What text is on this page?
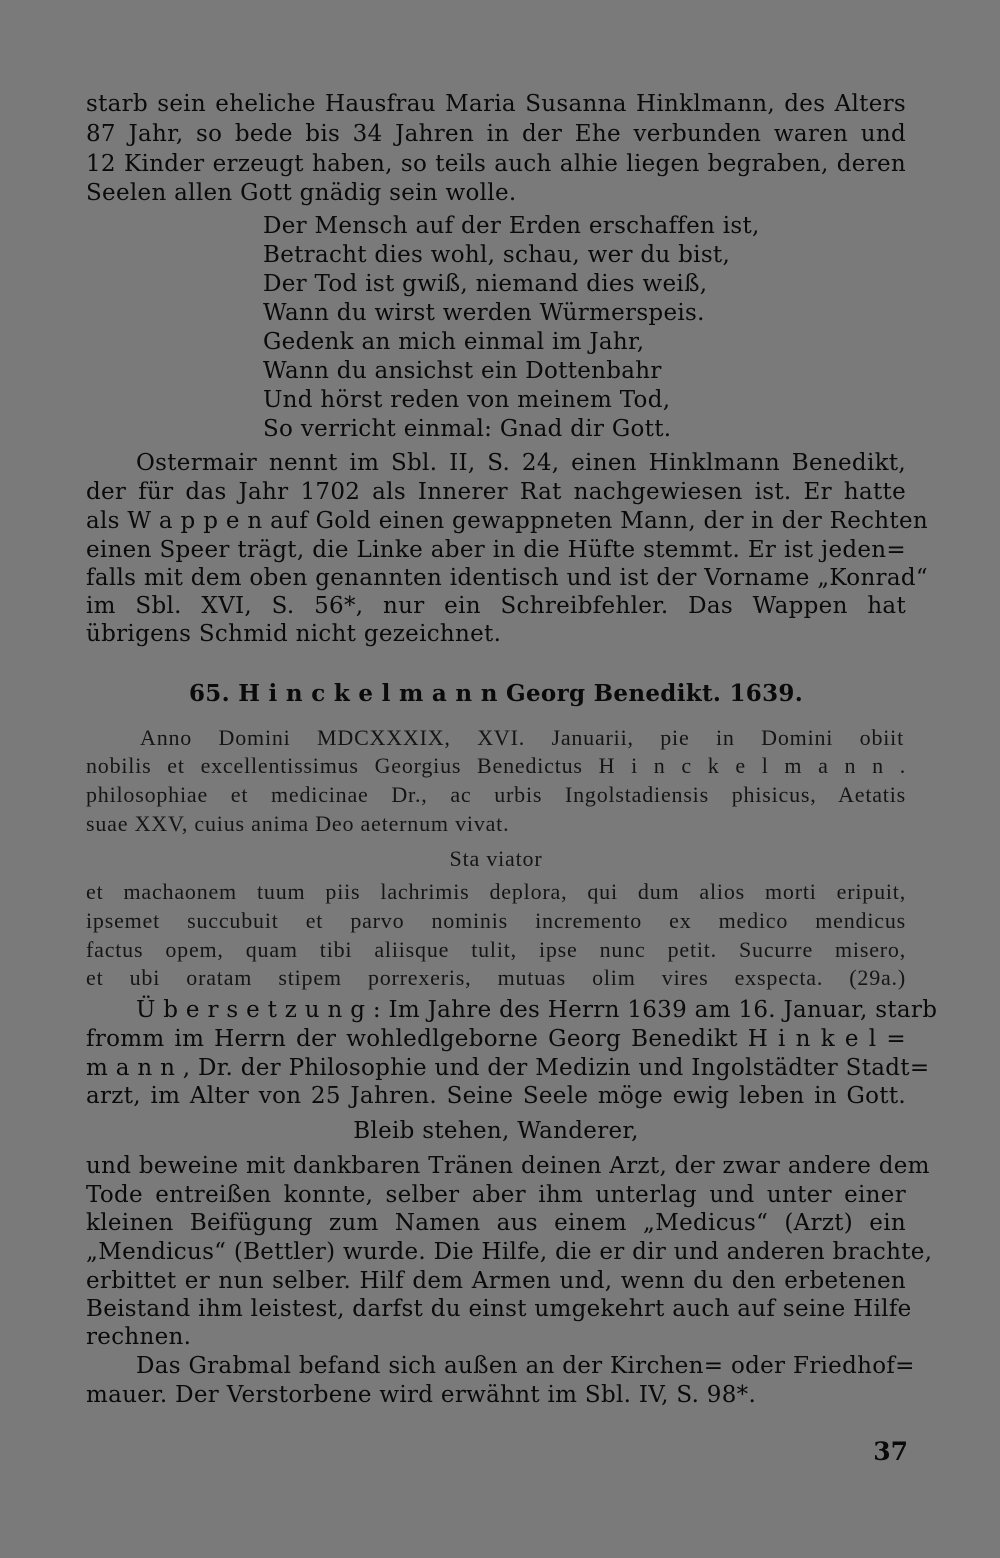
starb sein eheliche Hausfrau Maria Susanna Hinklmann, des Alters
87 Jahr, so bede bis 34 Jahren in der Ehe verbunden waren und
12 Kinder erzeugt haben, so teils auch alhie liegen begraben, deren
Seelen allen Gott gnädig sein wolle.
Der Mensch auf der Erden erschaffen ist,
Betracht dies wohl, schau, wer du bist,
Der Tod ist gwiß, niemand dies weiß,
Wann du wirst werden Würmerspeis.
Gedenk an mich einmal im Jahr,
Wann du ansichst ein Dottenbahr
Und hörst reden von meinem Tod,
So verricht einmal: Gnad dir Gott.
Ostermair nennt im Sbl. II, S. 24, einen Hinklmann Benedikt,
der für das Jahr 1702 als Innerer Rat nachgewiesen ist. Er hatte
als W a p p e n auf Gold einen gewappneten Mann, der in der Rechten
einen Speer trägt, die Linke aber in die Hüfte stemmt. Er ist jeden=
falls mit dem oben genannten identisch und ist der Vorname „Konrad“
im Sbl. XVI, S. 56*, nur ein Schreibfehler. Das Wappen hat
übrigens Schmid nicht gezeichnet.
65. H i n c k e l m a n n Georg Benedikt. 1639.
Anno Domini MDCXXXIX, XVI. Januarii, pie in Domini obiit
nobilis et excellentissimus Georgius Benedictus H i n c k e l m a n n .
philosophiae et medicinae Dr., ac urbis Ingolstadiensis phisicus, Aetatis
suae XXV, cuius anima Deo aeternum vivat.
Sta viator
et machaonem tuum piis lachrimis deplora, qui dum alios morti eripuit,
ipsemet succubuit et parvo nominis incremento ex medico mendicus
factus opem, quam tibi aliisque tulit, ipse nunc petit. Sucurre misero,
et ubi oratam stipem porrexeris, mutuas olim vires exspecta. (29a.)
Ü b e r s e t z u n g : Im Jahre des Herrn 1639 am 16. Januar, starb
fromm im Herrn der wohledlgeborne Georg Benedikt H i n k e l =
m a n n , Dr. der Philosophie und der Medizin und Ingolstädter Stadt=
arzt, im Alter von 25 Jahren. Seine Seele möge ewig leben in Gott.
Bleib stehen, Wanderer,
und beweine mit dankbaren Tränen deinen Arzt, der zwar andere dem
Tode entreißen konnte, selber aber ihm unterlag und unter einer
kleinen Beifügung zum Namen aus einem „Medicus“ (Arzt) ein
„Mendicus“ (Bettler) wurde. Die Hilfe, die er dir und anderen brachte,
erbittet er nun selber. Hilf dem Armen und, wenn du den erbetenen
Beistand ihm leistest, darfst du einst umgekehrt auch auf seine Hilfe
rechnen.
Das Grabmal befand sich außen an der Kirchen= oder Friedhof=
mauer. Der Verstorbene wird erwähnt im Sbl. IV, S. 98*.
37
